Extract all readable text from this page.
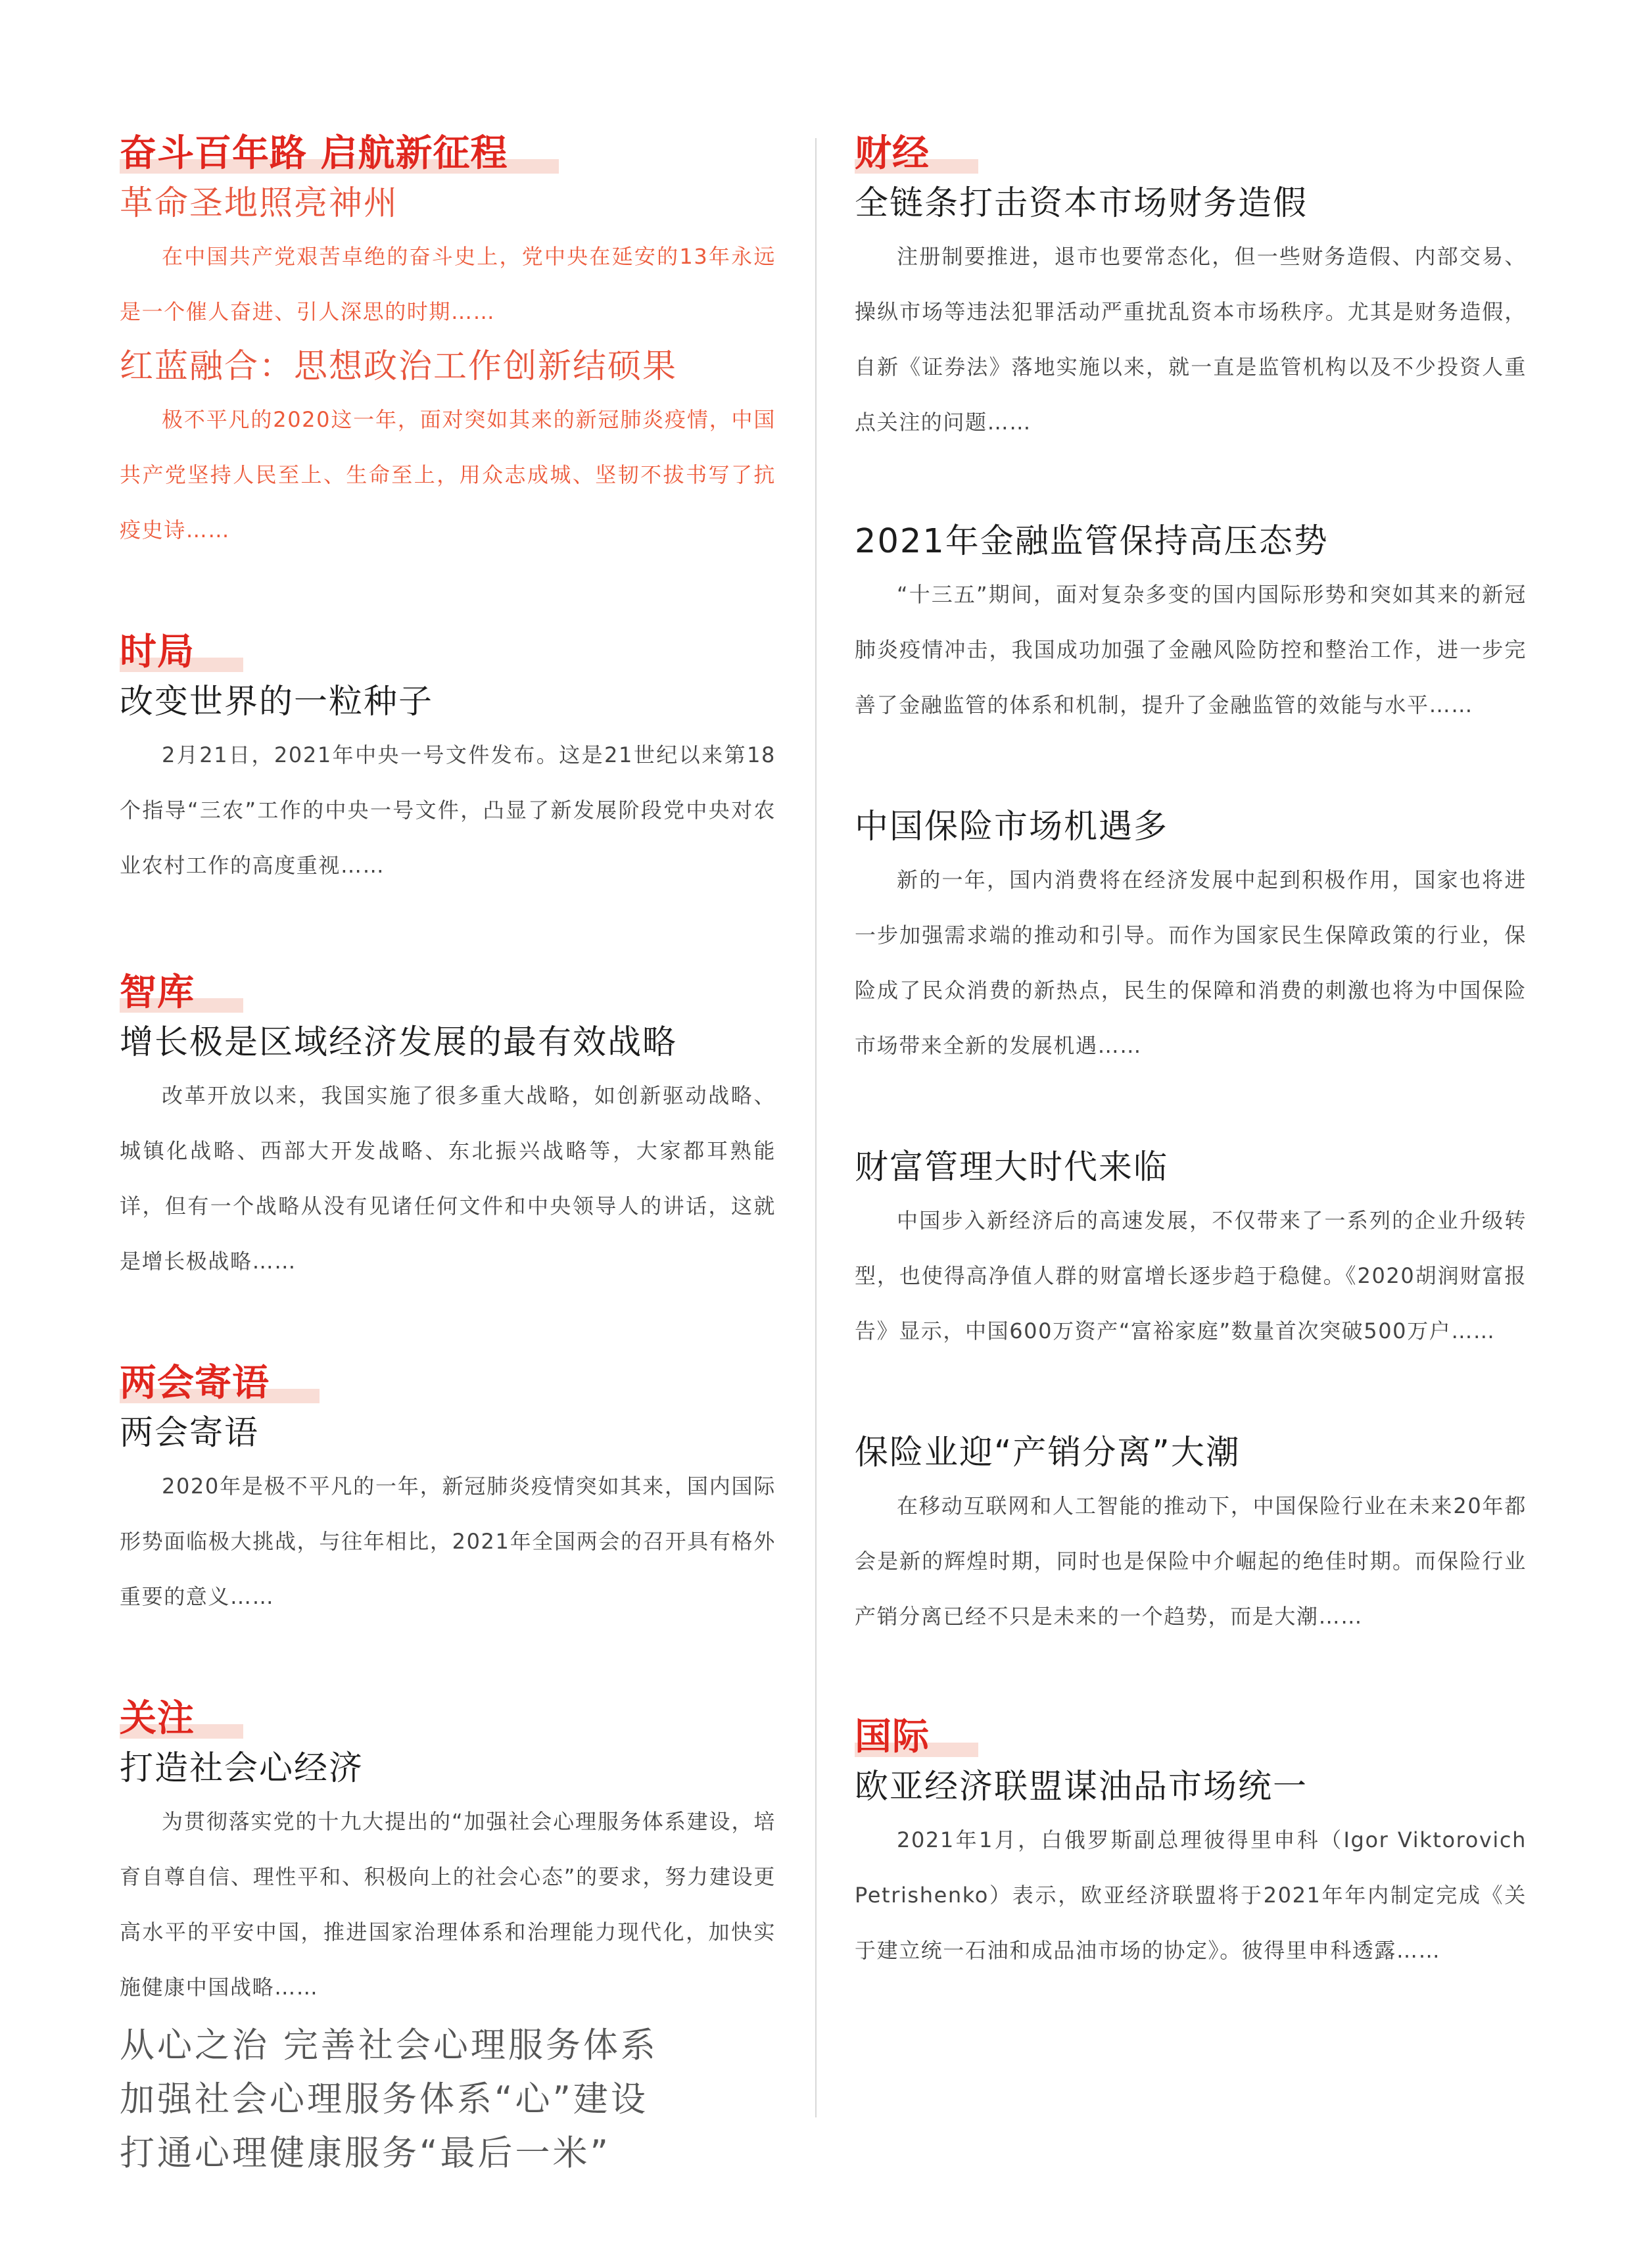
奋斗百年路 启航新征程
革命圣地照亮神州
在中国共产党艰苦卓绝的奋斗史上，党中央在延安的13年永远是一个催人奋进、引人深思的时期……
红蓝融合：思想政治工作创新结硕果
极不平凡的2020这一年，面对突如其来的新冠肺炎疫情，中国共产党坚持人民至上、生命至上，用众志成城、坚韧不拔书写了抗疫史诗……
时局
改变世界的一粒种子
2月21日，2021年中央一号文件发布。这是21世纪以来第18个指导“三农”工作的中央一号文件，凸显了新发展阶段党中央对农业农村工作的高度重视……
智库
增长极是区域经济发展的最有效战略
改革开放以来，我国实施了很多重大战略，如创新驱动战略、城镇化战略、西部大开发战略、东北振兴战略等，大家都耳熟能详，但有一个战略从没有见诸任何文件和中央领导人的讲话，这就是增长极战略……
两会寄语
两会寄语
2020年是极不平凡的一年，新冠肺炎疫情突如其来，国内国际形势面临极大挑战，与往年相比，2021年全国两会的召开具有格外重要的意义……
关注
打造社会心经济
为贯彻落实党的十九大提出的“加强社会心理服务体系建设，培育自尊自信、理性平和、积极向上的社会心态”的要求，努力建设更高水平的平安中国，推进国家治理体系和治理能力现代化，加快实施健康中国战略……
从心之治 完善社会心理服务体系
加强社会心理服务体系“心”建设
打通心理健康服务“最后一米”
财经
全链条打击资本市场财务造假
注册制要推进，退市也要常态化，但一些财务造假、内部交易、操纵市场等违法犯罪活动严重扰乱资本市场秩序。尤其是财务造假，自新《证券法》落地实施以来，就一直是监管机构以及不少投资人重点关注的问题……
2021年金融监管保持高压态势
“十三五”期间，面对复杂多变的国内国际形势和突如其来的新冠肺炎疫情冲击，我国成功加强了金融风险防控和整治工作，进一步完善了金融监管的体系和机制，提升了金融监管的效能与水平……
中国保险市场机遇多
新的一年，国内消费将在经济发展中起到积极作用，国家也将进一步加强需求端的推动和引导。而作为国家民生保障政策的行业，保险成了民众消费的新热点，民生的保障和消费的刺激也将为中国保险市场带来全新的发展机遇……
财富管理大时代来临
中国步入新经济后的高速发展，不仅带来了一系列的企业升级转型，也使得高净值人群的财富增长逐步趋于稳健。《2020胡润财富报告》显示，中国600万资产“富裕家庭”数量首次突破500万户……
保险业迎“产销分离”大潮
在移动互联网和人工智能的推动下，中国保险行业在未来20年都会是新的辉煌时期，同时也是保险中介崛起的绝佳时期。而保险行业产销分离已经不只是未来的一个趋势，而是大潮……
国际
欧亚经济联盟谋油品市场统一
2021年1月，白俄罗斯副总理彼得里申科（Igor Viktorovich Petrishenko）表示，欧亚经济联盟将于2021年年内制定完成《关于建立统一石油和成品油市场的协定》。彼得里申科透露……
